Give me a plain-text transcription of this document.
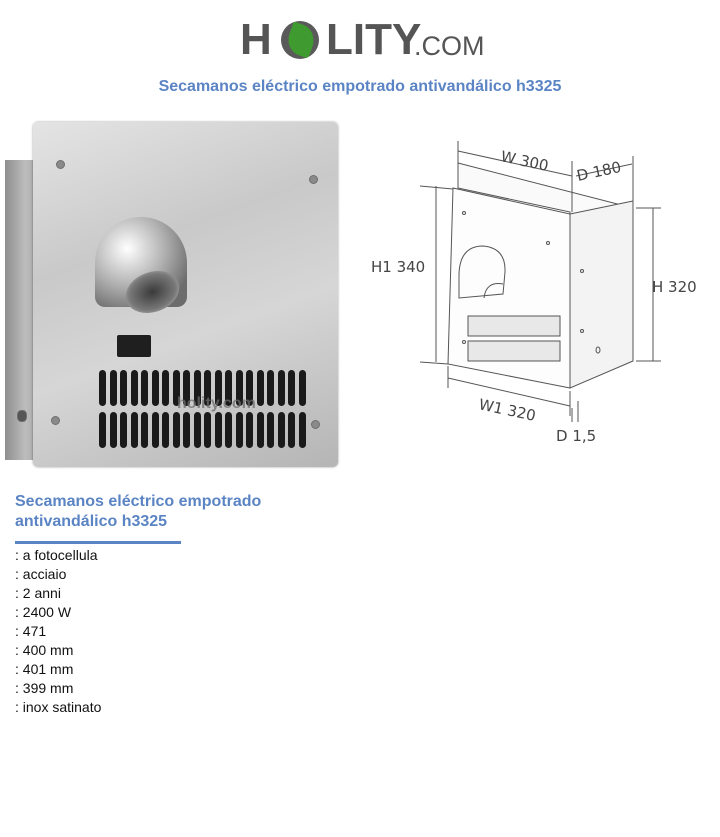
H LITY
.COM
Secamanos eléctrico empotrado antivandálico h3325
holity.com
W 300 D 180
H1 340
H 320
W1 320
D 1,5
Secamanos eléctrico empotrado antivandálico h3325
: a fotocellula
: acciaio
: 2 anni
: 2400 W
: 471
: 400 mm
: 401 mm
: 399 mm
: inox satinato
